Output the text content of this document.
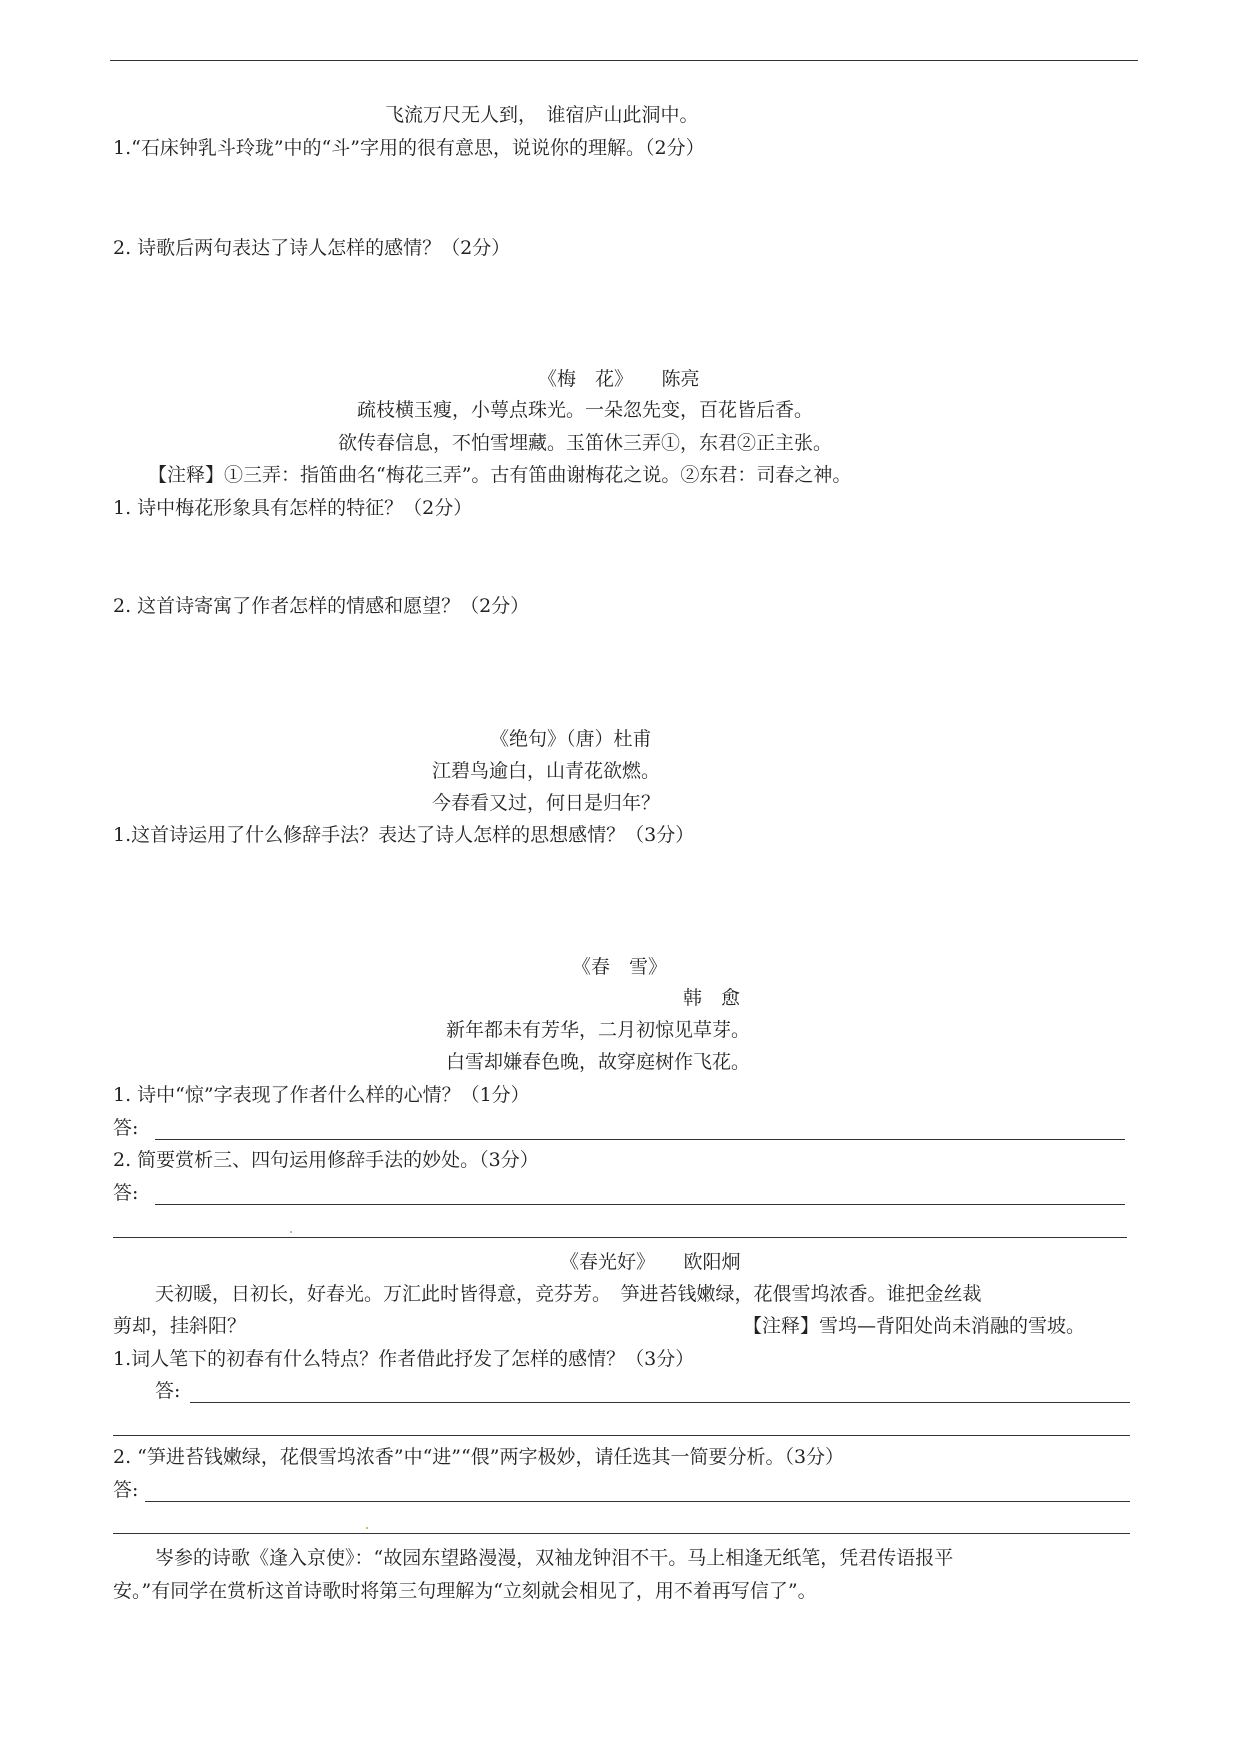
飞流万尺无人到，　谁宿庐山此洞中。
1.“石床钟乳斗玲珑”中的“斗”字用的很有意思，说说你的理解。（2分）
2. 诗歌后两句表达了诗人怎样的感情？（2分）
《梅　花》　　陈亮
疏枝横玉瘦，小萼点珠光。一朵忽先变，百花皆后香。
欲传春信息，不怕雪埋藏。玉笛休三弄①，东君②正主张。
【注释】①三弄：指笛曲名“梅花三弄”。古有笛曲谢梅花之说。②东君：司春之神。
1. 诗中梅花形象具有怎样的特征？（2分）
2. 这首诗寄寓了作者怎样的情感和愿望？（2分）
《绝句》（唐）杜甫
江碧鸟逾白，山青花欲燃。
今春看又过，何日是归年？
1.这首诗运用了什么修辞手法？表达了诗人怎样的思想感情？（3分）
《春　雪》
韩　愈
新年都未有芳华，二月初惊见草芽。
白雪却嫌春色晚，故穿庭树作飞花。
1. 诗中“惊”字表现了作者什么样的心情？（1分）
答:
2. 简要赏析三、四句运用修辞手法的妙处。（3分）
答:
《春光好》　　欧阳炯
天初暖，日初长，好春光。万汇此时皆得意，竞芬芳。　笋进苔钱嫩绿，花偎雪坞浓香。谁把金丝裁
剪却，挂斜阳？	【注释】雪坞—背阳处尚未消融的雪坡。
1.词人笔下的初春有什么特点？作者借此抒发了怎样的感情？（3分）
答:
2. “笋进苔钱嫩绿，花偎雪坞浓香”中“进”“偎”两字极妙，请任选其一简要分析。（3分）
答:
岑参的诗歌《逢入京使》：“故园东望路漫漫，双袖龙钟泪不干。马上相逢无纸笔，凭君传语报平
安。”有同学在赏析这首诗歌时将第三句理解为“立刻就会相见了，用不着再写信了”。
